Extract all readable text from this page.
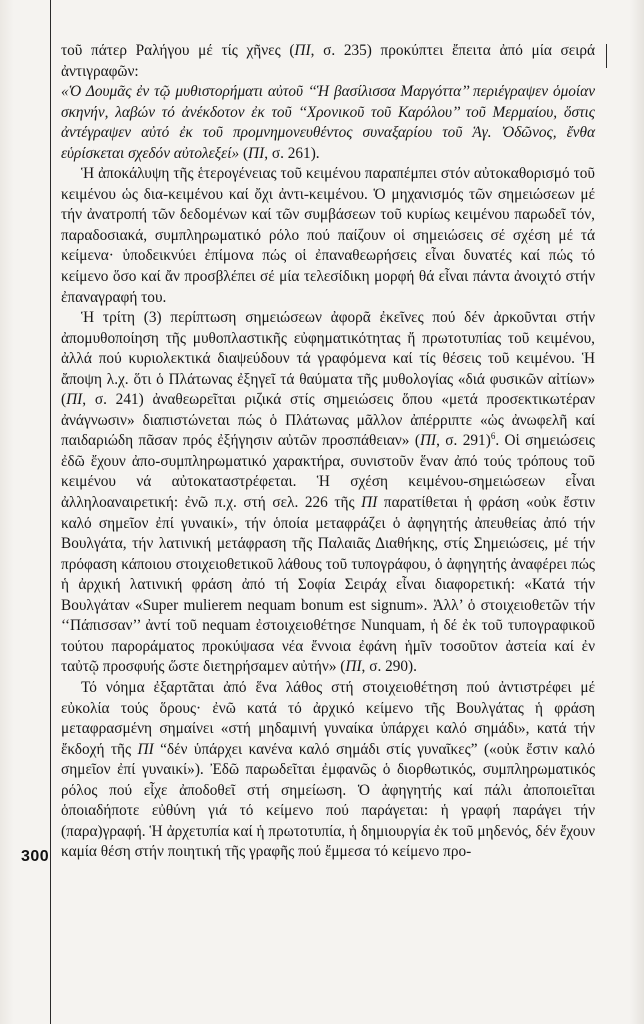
300

τοῦ πάτερ Ραλήγου μέ τίς χῆνες (ΠΙ, σ. 235) προκύπτει ἔπειτα ἀπό μία σειρά ἀντιγραφῶν:

«Ὁ Δουμᾶς ἐν τῷ μυθιστορήματι αὐτοῦ ‘‘Ἡ βασίλισσα Μαργόττα’’ περιέγραψεν ὁμοίαν σκηνήν, λαβών τό ἀνέκδοτον ἐκ τοῦ ‘‘Χρονικοῦ τοῦ Καρόλου’’ τοῦ Μερμαίου, ὅστις ἀντέγραψεν αὐτό ἐκ τοῦ προμνημονευθέντος συναξαρίου τοῦ Ἁγ. Ὀδῶνος, ἔνθα εὑρίσκεται σχεδόν αὐτολεξεί» (ΠΙ, σ. 261).

Ἡ ἀποκάλυψη τῆς ἑτερογένειας τοῦ κειμένου παραπέμπει στόν αὐτοκαθορισμό τοῦ κειμένου ὡς δια-κειμένου καί ὄχι ἀντι-κειμένου. Ὁ μηχανισμός τῶν σημειώσεων μέ τήν ἀνατροπή τῶν δεδομένων καί τῶν συμβάσεων τοῦ κυρίως κειμένου παρωδεῖ τόν, παραδοσιακά, συμπληρωματικό ρόλο πού παίζουν οἱ σημειώσεις σέ σχέση μέ τά κείμενα· ὑποδεικνύει ἐπίμονα πώς οἱ ἐπαναθεωρήσεις εἶναι δυνατές καί πώς τό κείμενο ὅσο καί ἄν προσβλέπει σέ μία τελεσίδικη μορφή θά εἶναι πάντα ἀνοιχτό στήν ἐπαναγραφή του.

Ἡ τρίτη (3) περίπτωση σημειώσεων ἀφορᾶ ἐκεῖνες πού δέν ἀρκοῦνται στήν ἀπομυθοποίηση τῆς μυθοπλαστικῆς εὐφηματικότητας ἤ πρωτοτυπίας τοῦ κειμένου, ἀλλά πού κυριολεκτικά διαψεύδουν τά γραφόμενα καί τίς θέσεις τοῦ κειμένου. Ἡ ἄποψη λ.χ. ὅτι ὁ Πλάτωνας ἐξηγεῖ τά θαύματα τῆς μυθολογίας «διά φυσικῶν αἰτίων» (ΠΙ, σ. 241) ἀναθεωρεῖται ριζικά στίς σημειώσεις ὅπου «μετά προσεκτικωτέραν ἀνάγνωσιν» διαπιστώνεται πώς ὁ Πλάτωνας μᾶλλον ἀπέρριπτε «ὡς ἀνωφελῆ καί παιδαριώδη πᾶσαν πρός ἐξήγησιν αὐτῶν προσπάθειαν» (ΠΙ, σ. 291)$^6$. Οἱ σημειώσεις ἐδῶ ἔχουν ἀπο-συμπληρωματικό χαρακτήρα, συνιστοῦν ἕναν ἀπό τούς τρόπους τοῦ κειμένου νά αὐτοκαταστρέφεται. Ἡ σχέση κειμένου-σημειώσεων εἶναι ἀλληλοαναιρετική: ἐνῶ π.χ. στή σελ. 226 τῆς ΠΙ παρατίθεται ἡ φράση «οὐκ ἔστιν καλό σημεῖον ἐπί γυναικί», τήν ὁποία μεταφράζει ὁ ἀφηγητής ἀπευθείας ἀπό τήν Βουλγάτα, τήν λατινική μετάφραση τῆς Παλαιᾶς Διαθήκης, στίς Σημειώσεις, μέ τήν πρόφαση κάποιου στοιχειοθετικοῦ λάθους τοῦ τυπογράφου, ὁ ἀφηγητής ἀναφέρει πώς ἡ ἀρχική λατινική φράση ἀπό τή Σοφία Σειράχ εἶναι διαφορετική: «Κατά τήν Βουλγάταν «Super mulierem nequam bonum est signum». Ἀλλ’ ὁ στοιχειοθετῶν τήν ‘‘Πάπισσαν’’ ἀντί τοῦ nequam ἐστοιχειοθέτησε Nunquam, ἡ δέ ἐκ τοῦ τυπογραφικοῦ τούτου παροράματος προκύψασα νέα ἔννοια ἐφάνη ἡμῖν τοσοῦτον ἀστεία καί ἐν ταὐτῷ προσφυής ὥστε διετηρήσαμεν αὐτήν» (ΠΙ, σ. 290).

Τό νόημα ἐξαρτᾶται ἀπό ἕνα λάθος στή στοιχειοθέτηση πού ἀντιστρέφει μέ εὐκολία τούς ὅρους· ἐνῶ κατά τό ἀρχικό κείμενο τῆς Βουλγάτας ἡ φράση μεταφρασμένη σημαίνει «στή μηδαμινή γυναίκα ὑπάρχει καλό σημάδι», κατά τήν ἔκδοχή τῆς ΠΙ “δέν ὑπάρχει κανένα καλό σημάδι στίς γυναῖκες” («οὐκ ἔστιν καλό σημεῖον ἐπί γυναικί»). Ἐδῶ παρωδεῖται ἐμφανῶς ὁ διορθωτικός, συμπληρωματικός ρόλος πού εἶχε ἀποδοθεῖ στή σημείωση. Ὁ ἀφηγητής καί πάλι ἀποποιεῖται ὁποιαδήποτε εὐθύνη γιά τό κείμενο πού παράγεται: ἡ γραφή παράγει τήν (παρα)γραφή. Ἡ ἀρχετυπία καί ἡ πρωτοτυπία, ἡ δημιουργία ἐκ τοῦ μηδενός, δέν ἔχουν καμία θέση στήν ποιητική τῆς γραφῆς πού ἔμμεσα τό κείμενο προ-
